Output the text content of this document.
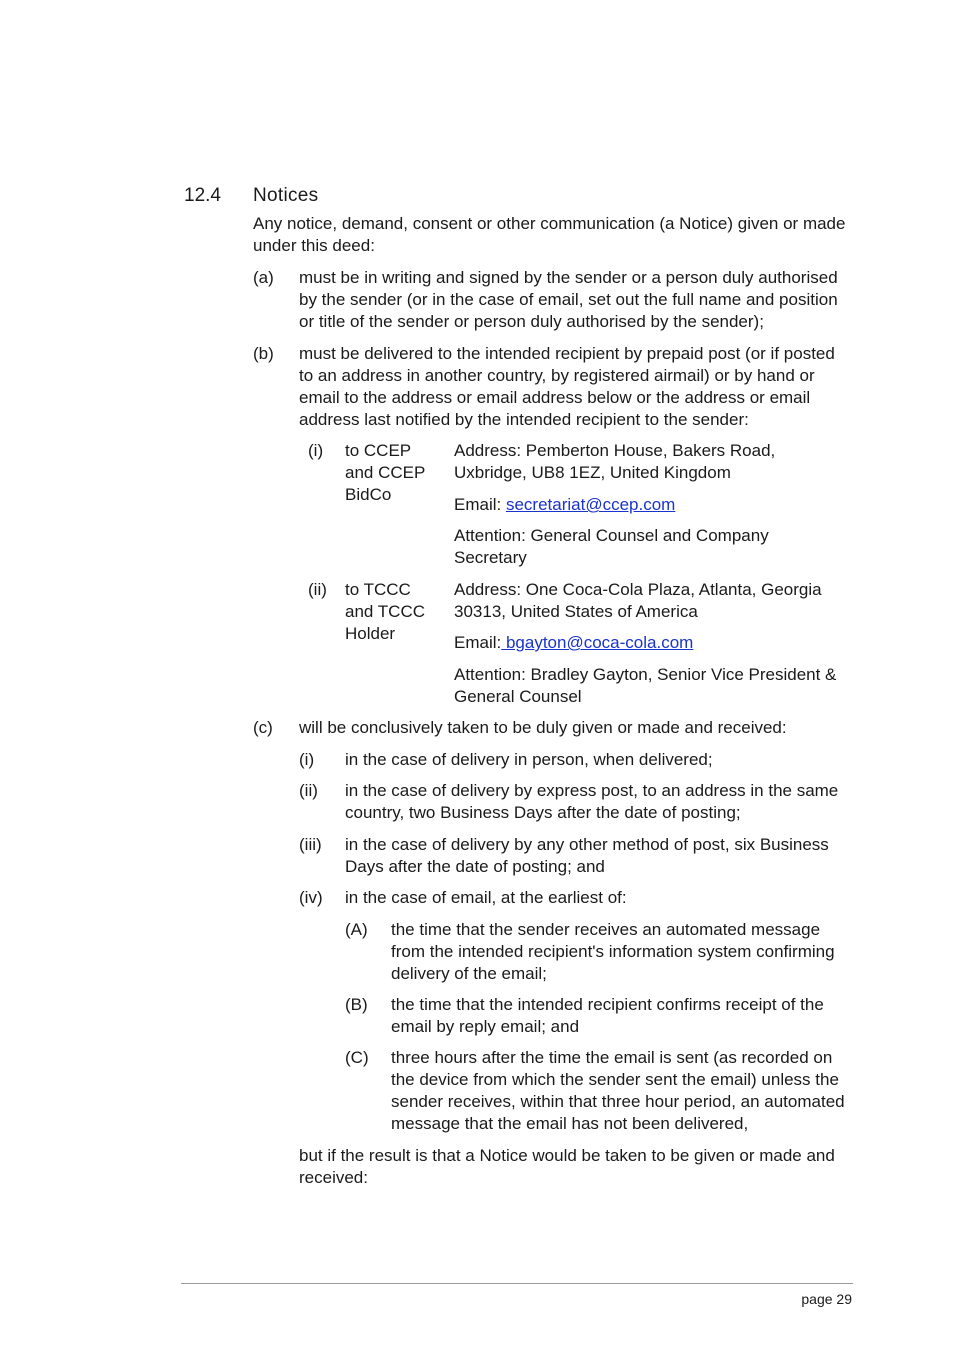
12.4 Notices
Any notice, demand, consent or other communication (a Notice) given or made
under this deed:
(a) must be in writing and signed by the sender or a person duly authorised
by the sender (or in the case of email, set out the full name and position
or title of the sender or person duly authorised by the sender);
(b) must be delivered to the intended recipient by prepaid post (or if posted
to an address in another country, by registered airmail) or by hand or
email to the address or email address below or the address or email
address last notified by the intended recipient to the sender:
(i) to CCEP
and CCEP
BidCo
Address: Pemberton House, Bakers Road,
Uxbridge, UB8 1EZ, United Kingdom
Email: secretariat@ccep.com
Attention: General Counsel and Company
Secretary
(ii) to TCCC
and TCCC
Holder
Address: One Coca-Cola Plaza, Atlanta, Georgia
30313, United States of America
Email: bgayton@coca-cola.com
Attention: Bradley Gayton, Senior Vice President &
General Counsel
(c) will be conclusively taken to be duly given or made and received:
(i) in the case of delivery in person, when delivered;
(ii) in the case of delivery by express post, to an address in the same
country, two Business Days after the date of posting;
(iii) in the case of delivery by any other method of post, six Business
Days after the date of posting; and
(iv) in the case of email, at the earliest of:
(A) the time that the sender receives an automated message
from the intended recipient's information system confirming
delivery of the email;
(B) the time that the intended recipient confirms receipt of the
email by reply email; and
(C) three hours after the time the email is sent (as recorded on
the device from which the sender sent the email) unless the
sender receives, within that three hour period, an automated
message that the email has not been delivered,
but if the result is that a Notice would be taken to be given or made and
received:
page 29
